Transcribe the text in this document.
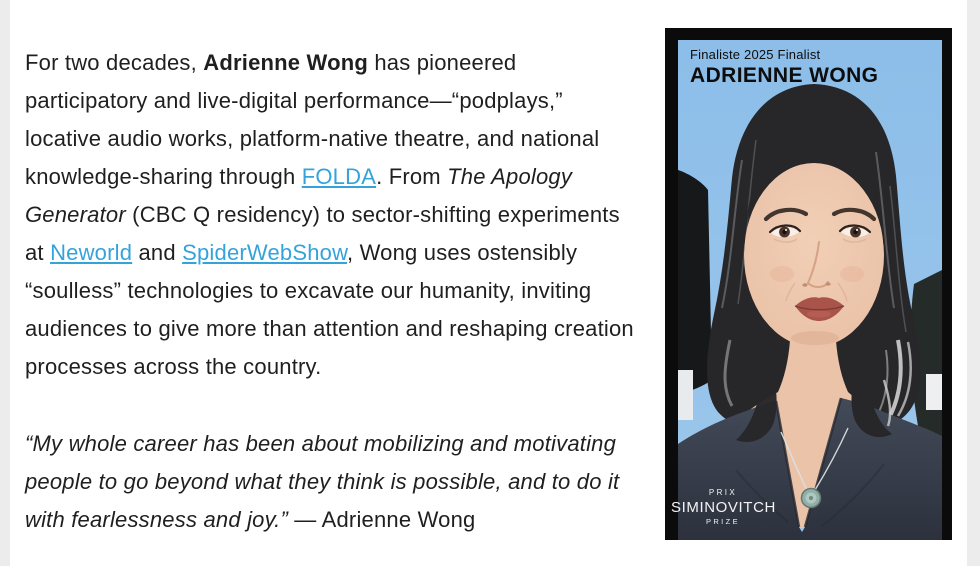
For two decades, Adrienne Wong has pioneered participatory and live-digital performance—“podplays,” locative audio works, platform-native theatre, and national knowledge-sharing through FOLDA. From The Apology Generator (CBC Q residency) to sector-shifting experiments at Neworld and SpiderWebShow, Wong uses ostensibly “soulless” technologies to excavate our humanity, inviting audiences to give more than attention and reshaping creation processes across the country.

“My whole career has been about mobilizing and motivating people to go beyond what they think is possible, and to do it with fearlessness and joy.” — Adrienne Wong

Finaliste 2025 Finalist
ADRIENNE WONG
PRIX
SIMINOVITCH
PRIZE
